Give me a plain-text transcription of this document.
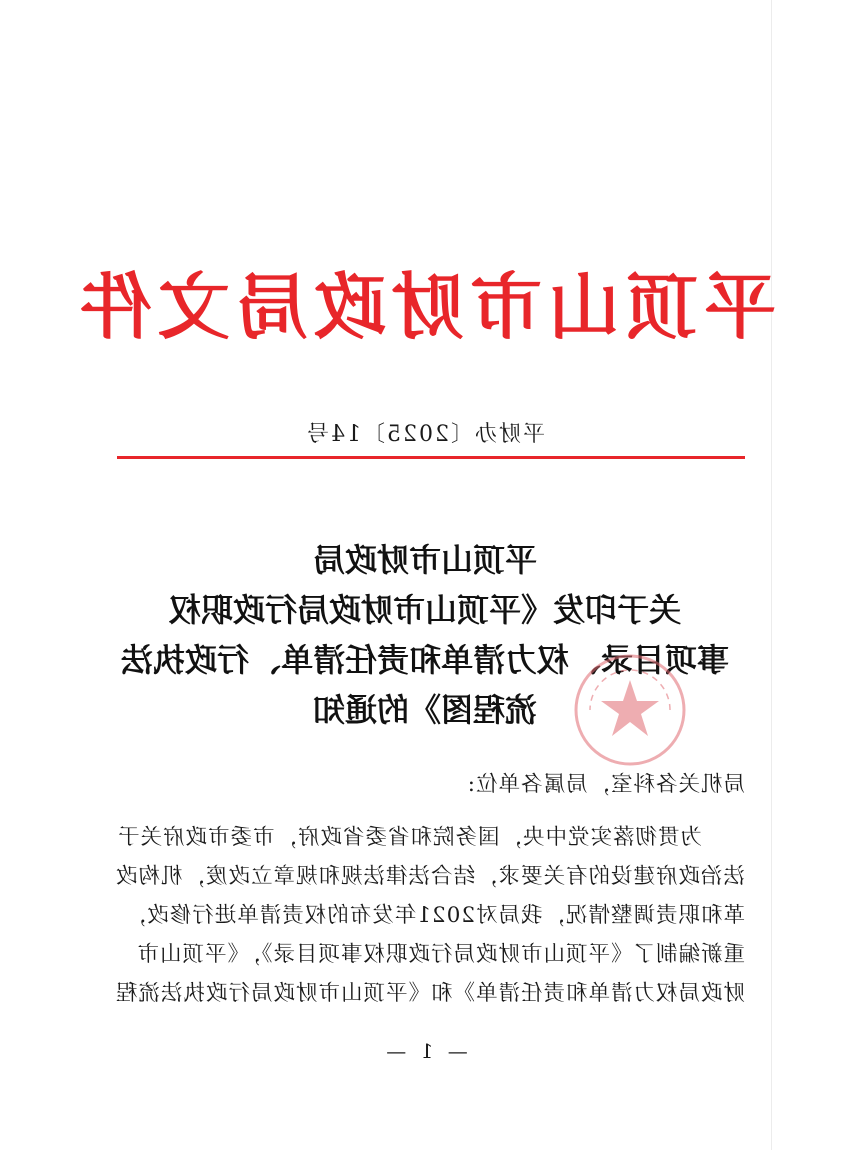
平顶山市财政局文件
平财办〔2025〕14号
平顶山市财政局
关于印发《平顶山市财政局行政职权
事项目录、权力清单和责任清单、行政执法
流程图》的通知
局机关各科室，局属各单位:
为贯彻落实党中央，国务院和省委省政府，市委市政府关于
法治政府建设的有关要求，结合法律法规和规章立改废，机构改
革和职责调整情况，我局对2021年发布的权责清单进行修改，
重新编制了《平顶山市财政局行政职权事项目录》，《平顶山市
财政局权力清单和责任清单》和《平顶山市财政局行政执法流程
— 1 —
